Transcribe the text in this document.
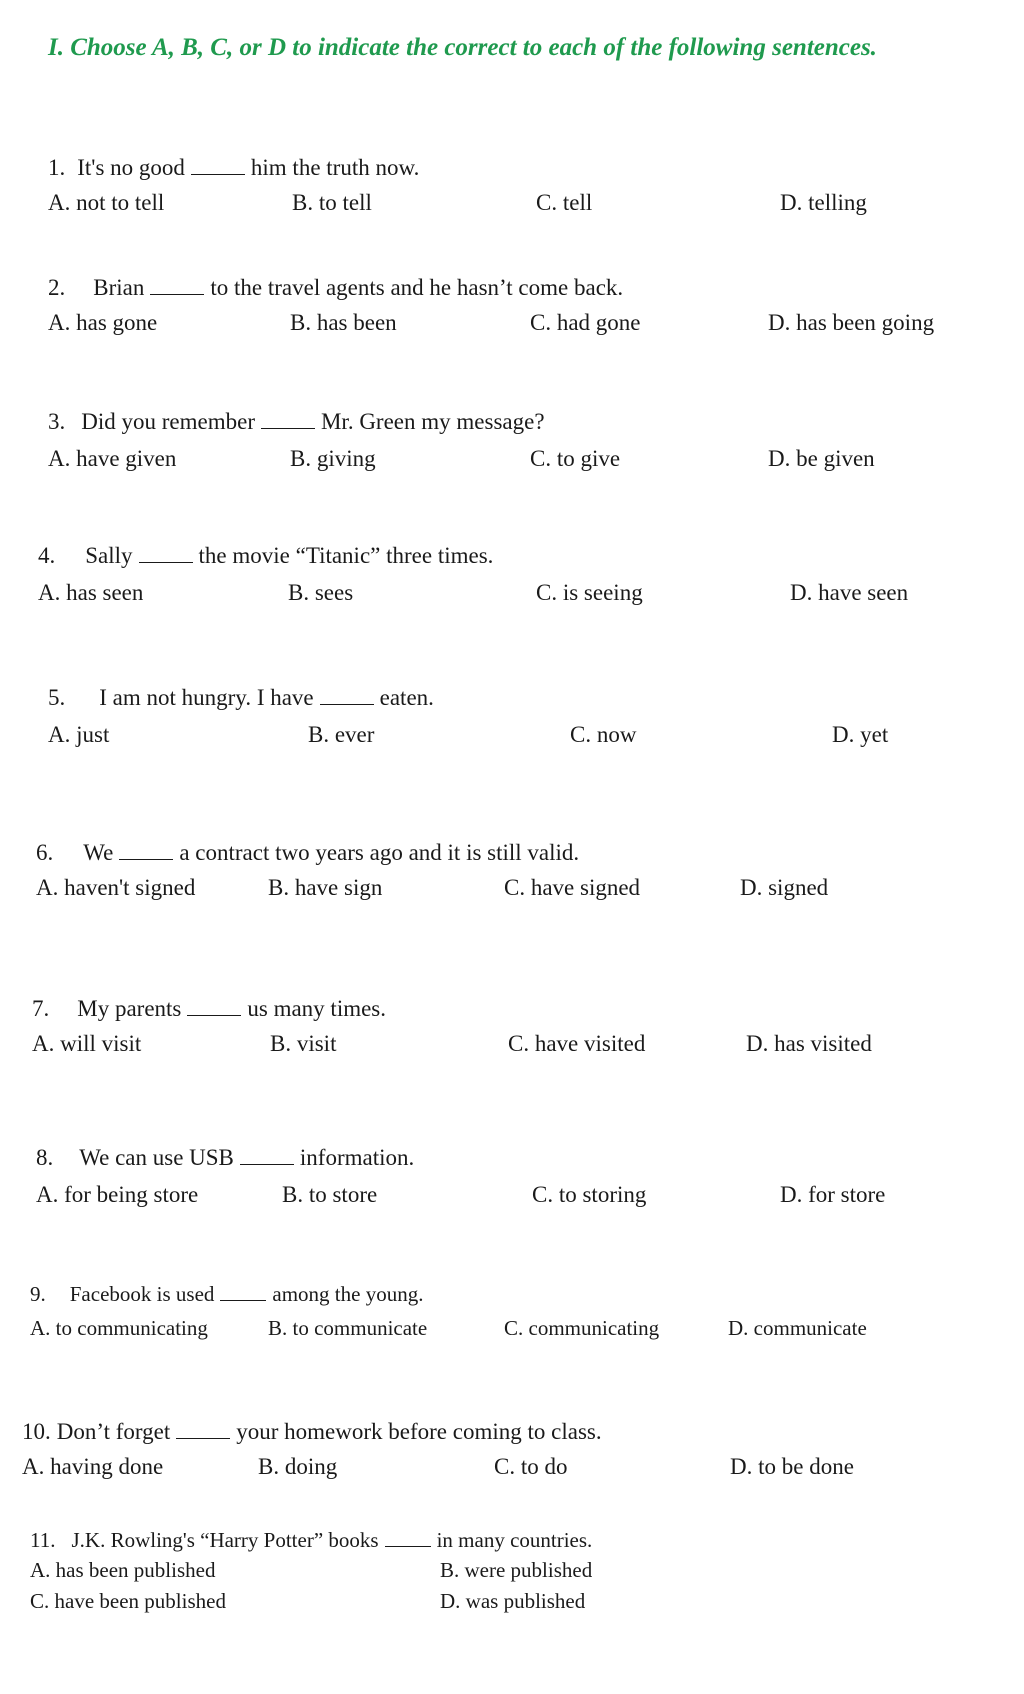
I. Choose A, B, C, or D to indicate the correct to each of the following sentences.
1. It's no good	him the truth now.
A. not to tell	B. to tell	C. tell	D. telling
2. Brian	to the travel agents and he hasn’t come back.
A. has gone	B. has been	C. had gone	D. has been going
3. Did you remember	Mr. Green my message?
A. have given	B. giving	C. to give	D. be given
4. Sally	the movie “Titanic” three times.
A. has seen	B. sees	C. is seeing	D. have seen
5. I am not hungry. I have	eaten.
A. just	B. ever	C. now	D. yet
6. We	a contract two years ago and it is still valid.
A. haven't signed	B. have sign	C. have signed	D. signed
7. My parents	us many times.
A. will visit	B. visit	C. have visited	D. has visited
8. We can use USB	information.
A. for being store	B. to store	C. to storing	D. for store
9. Facebook is used	among the young.
A. to communicating	B. to communicate	C. communicating	D. communicate
10. Don’t forget	your homework before coming to class.
A. having done	B. doing	C. to do	D. to be done
11. J.K. Rowling's “Harry Potter” books	in many countries.
A. has been published	B. were published
C. have been published	D. was published
